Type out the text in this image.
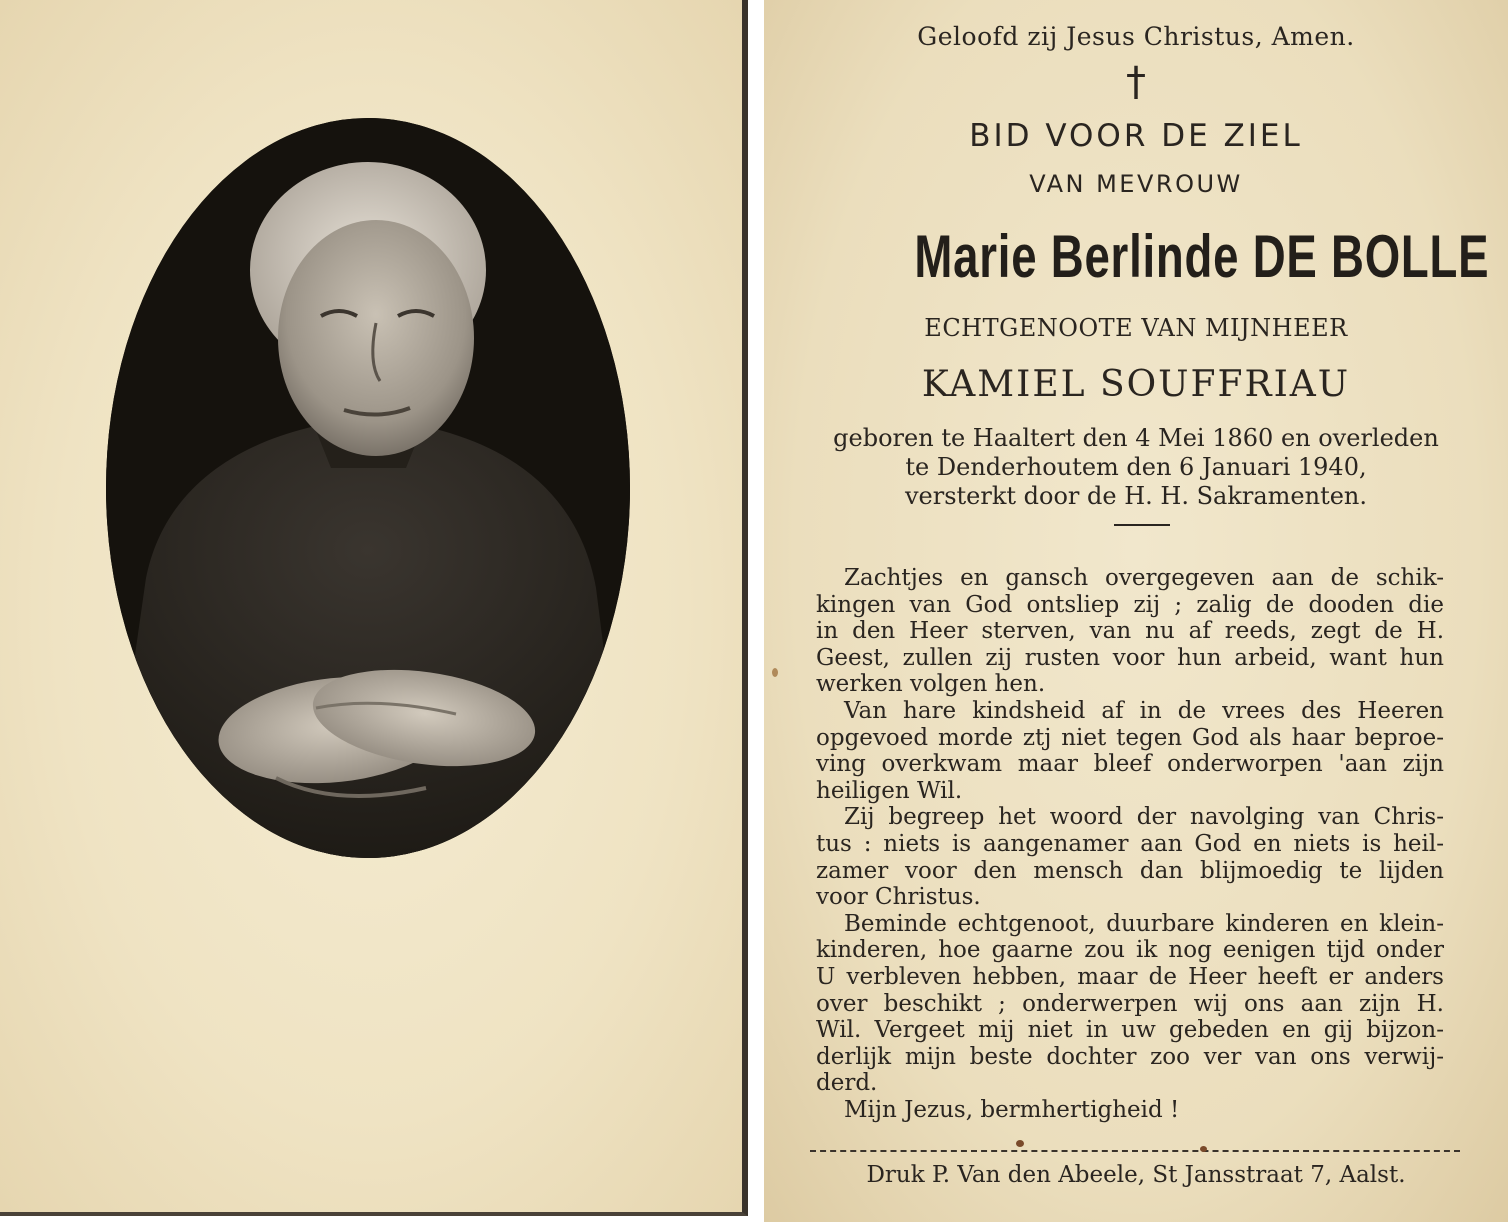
Geloofd zij Jesus Christus, Amen.
†
BID VOOR DE ZIEL
VAN MEVROUW
Marie Berlinde DE BOLLE
ECHTGENOOTE VAN MIJNHEER
KAMIEL SOUFFRIAU
geboren te Haaltert den 4 Mei 1860 en overleden
te Denderhoutem den 6 Januari 1940,
versterkt door de H. H. Sakramenten.
Zachtjes en gansch overgegeven aan de schik-
kingen van God ontsliep zij ; zalig de dooden die
in den Heer sterven, van nu af reeds, zegt de H.
Geest, zullen zij rusten voor hun arbeid, want hun
werken volgen hen.
Van hare kindsheid af in de vrees des Heeren
opgevoed morde ztj niet tegen God als haar beproe-
ving overkwam maar bleef onderworpen 'aan zijn
heiligen Wil.
Zij begreep het woord der navolging van Chris-
tus : niets is aangenamer aan God en niets is heil-
zamer voor den mensch dan blijmoedig te lijden
voor Christus.
Beminde echtgenoot, duurbare kinderen en klein-
kinderen, hoe gaarne zou ik nog eenigen tijd onder
U verbleven hebben, maar de Heer heeft er anders
over beschikt ; onderwerpen wij ons aan zijn H.
Wil. Vergeet mij niet in uw gebeden en gij bijzon-
derlijk mijn beste dochter zoo ver van ons verwij-
derd.
Mijn Jezus, bermhertigheid !
Druk P. Van den Abeele, St Jansstraat 7, Aalst.
